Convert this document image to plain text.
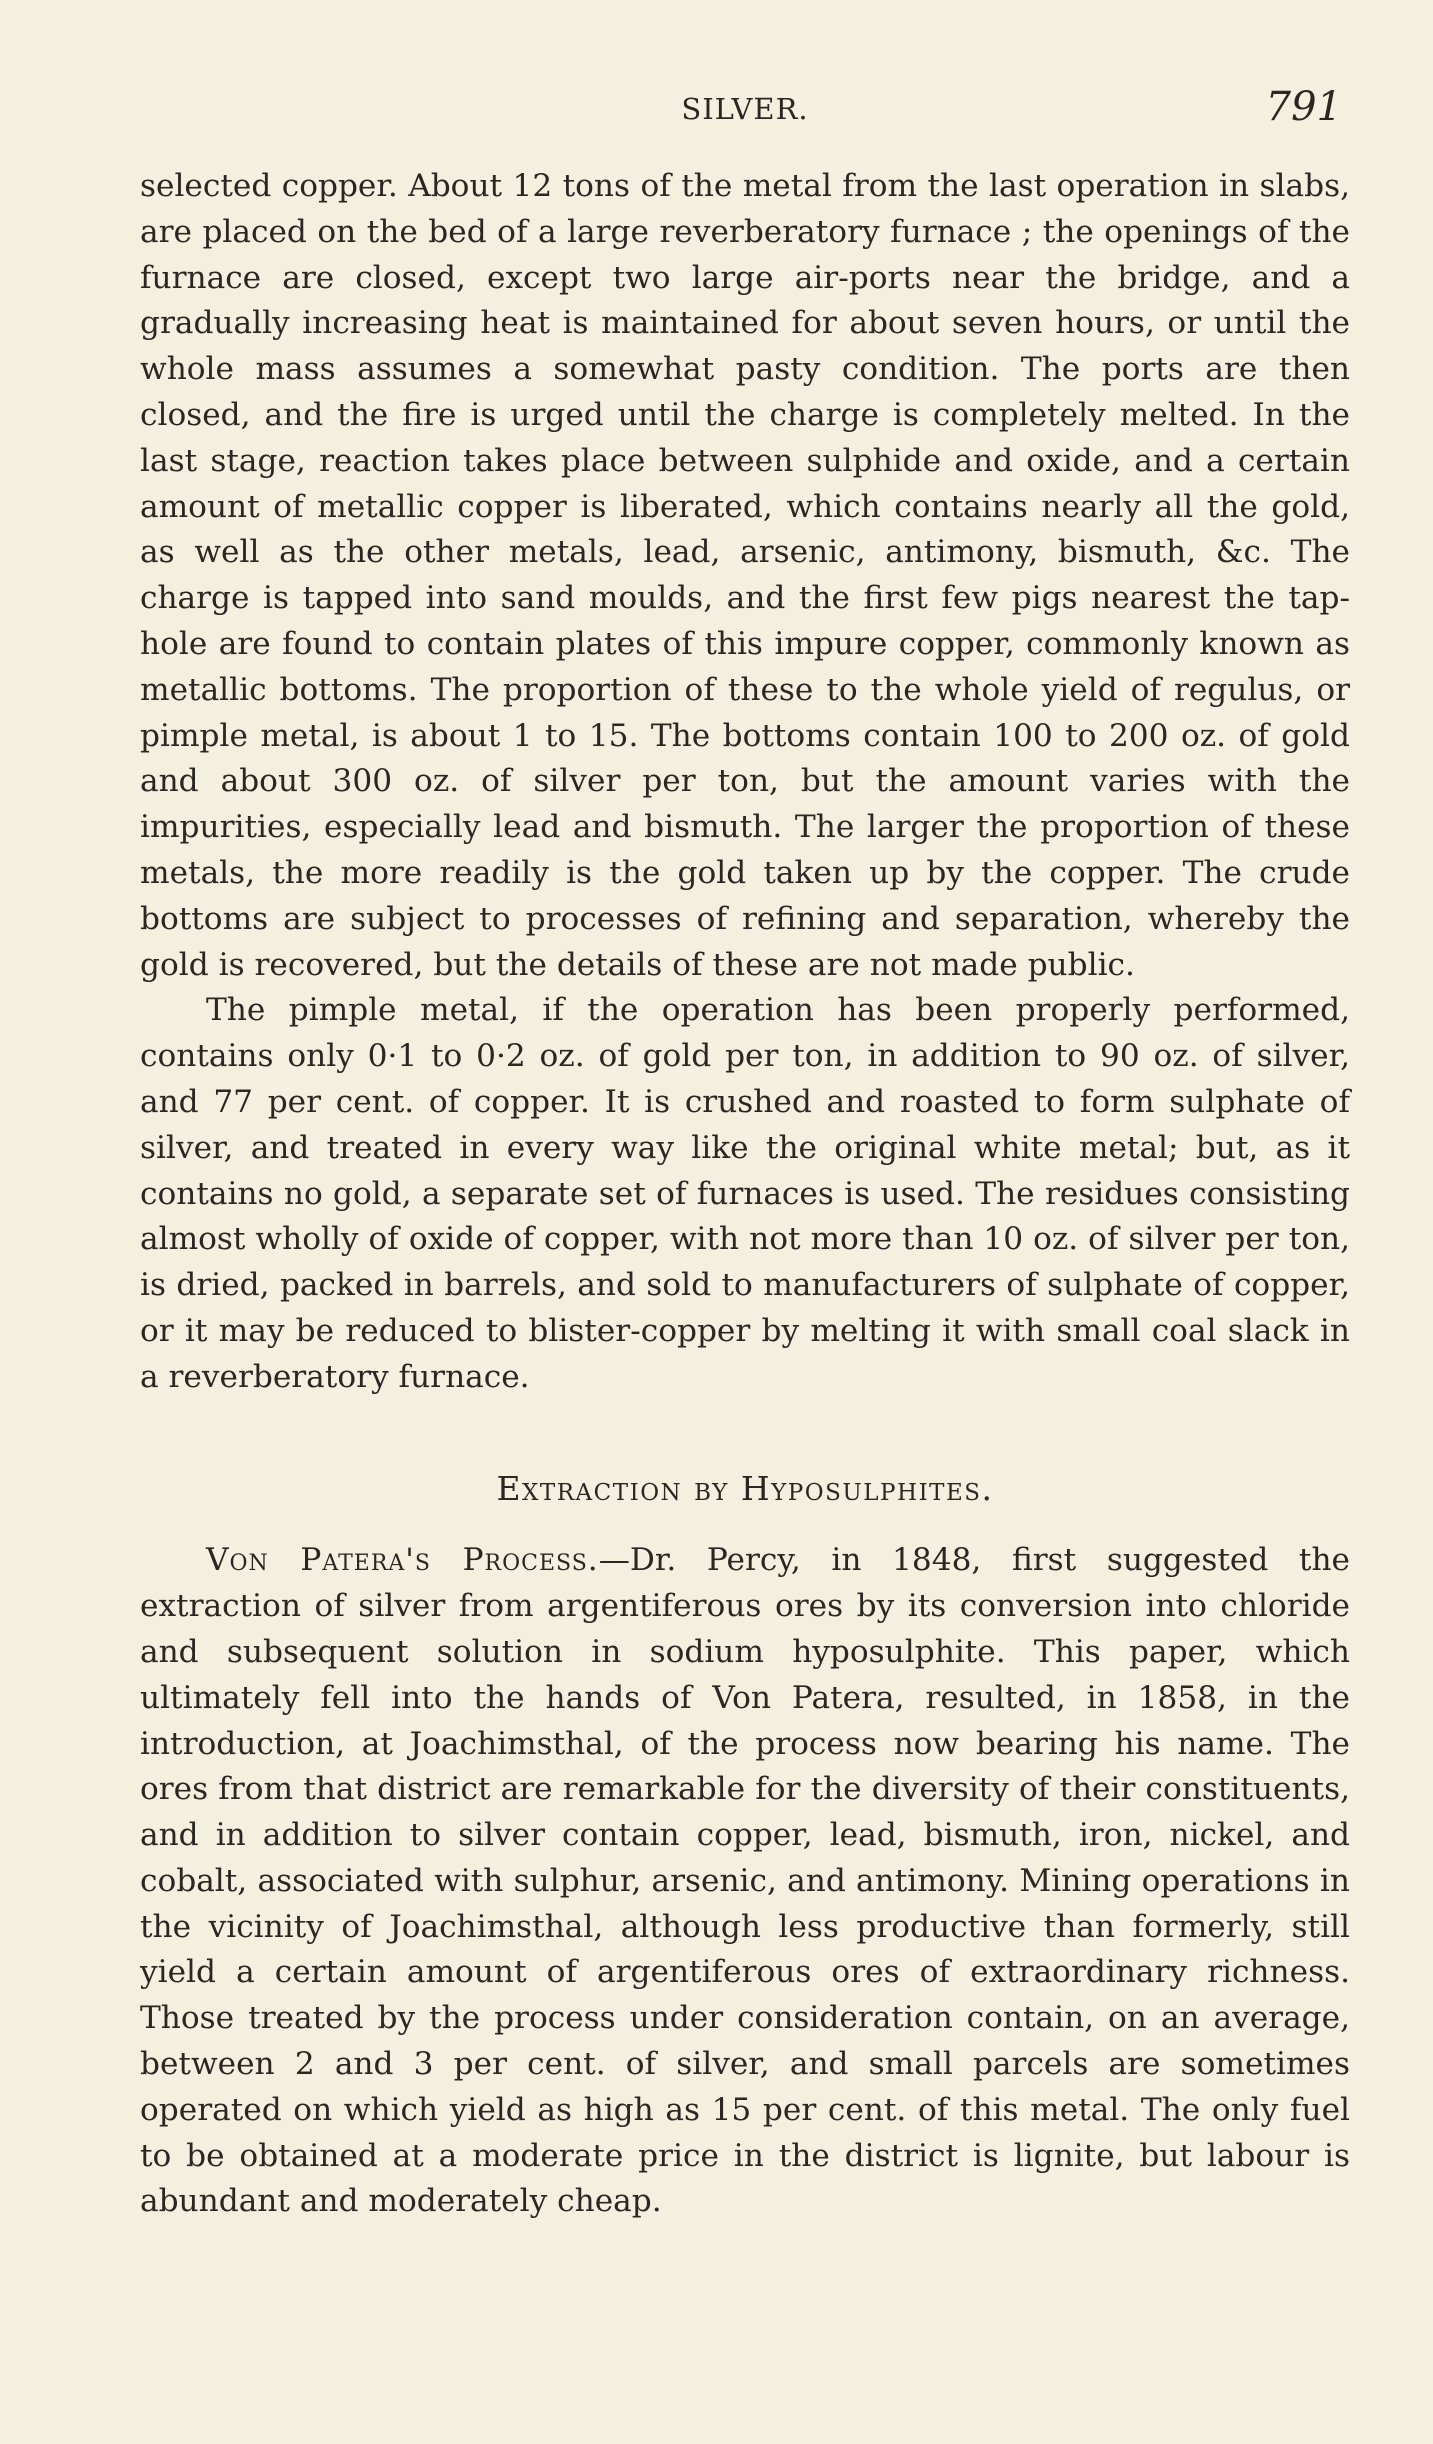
SILVER.	791

selected copper. About 12 tons of the metal from the last operation in slabs, are placed on the bed of a large reverberatory furnace ; the openings of the furnace are closed, except two large air-ports near the bridge, and a gradually increasing heat is maintained for about seven hours, or until the whole mass assumes a somewhat pasty condition. The ports are then closed, and the fire is urged until the charge is completely melted. In the last stage, reaction takes place between sulphide and oxide, and a certain amount of metallic copper is liberated, which contains nearly all the gold, as well as the other metals, lead, arsenic, antimony, bismuth, &c. The charge is tapped into sand moulds, and the first few pigs nearest the tap-hole are found to contain plates of this impure copper, commonly known as metallic bottoms. The proportion of these to the whole yield of regulus, or pimple metal, is about 1 to 15. The bottoms contain 100 to 200 oz. of gold and about 300 oz. of silver per ton, but the amount varies with the impurities, especially lead and bismuth. The larger the proportion of these metals, the more readily is the gold taken up by the copper. The crude bottoms are subject to processes of refining and separation, whereby the gold is recovered, but the details of these are not made public.

The pimple metal, if the operation has been properly performed, contains only 0·1 to 0·2 oz. of gold per ton, in addition to 90 oz. of silver, and 77 per cent. of copper. It is crushed and roasted to form sulphate of silver, and treated in every way like the original white metal; but, as it contains no gold, a separate set of furnaces is used. The residues consisting almost wholly of oxide of copper, with not more than 10 oz. of silver per ton, is dried, packed in barrels, and sold to manufacturers of sulphate of copper, or it may be reduced to blister-copper by melting it with small coal slack in a reverberatory furnace.

Extraction by Hyposulphites.

Von Patera's Process.—Dr. Percy, in 1848, first suggested the extraction of silver from argentiferous ores by its conversion into chloride and subsequent solution in sodium hyposulphite. This paper, which ultimately fell into the hands of Von Patera, resulted, in 1858, in the introduction, at Joachimsthal, of the process now bearing his name. The ores from that district are remarkable for the diversity of their constituents, and in addition to silver contain copper, lead, bismuth, iron, nickel, and cobalt, associated with sulphur, arsenic, and antimony. Mining operations in the vicinity of Joachimsthal, although less productive than formerly, still yield a certain amount of argentiferous ores of extraordinary richness. Those treated by the process under consideration contain, on an average, between 2 and 3 per cent. of silver, and small parcels are sometimes operated on which yield as high as 15 per cent. of this metal. The only fuel to be obtained at a moderate price in the district is lignite, but labour is abundant and moderately cheap.
